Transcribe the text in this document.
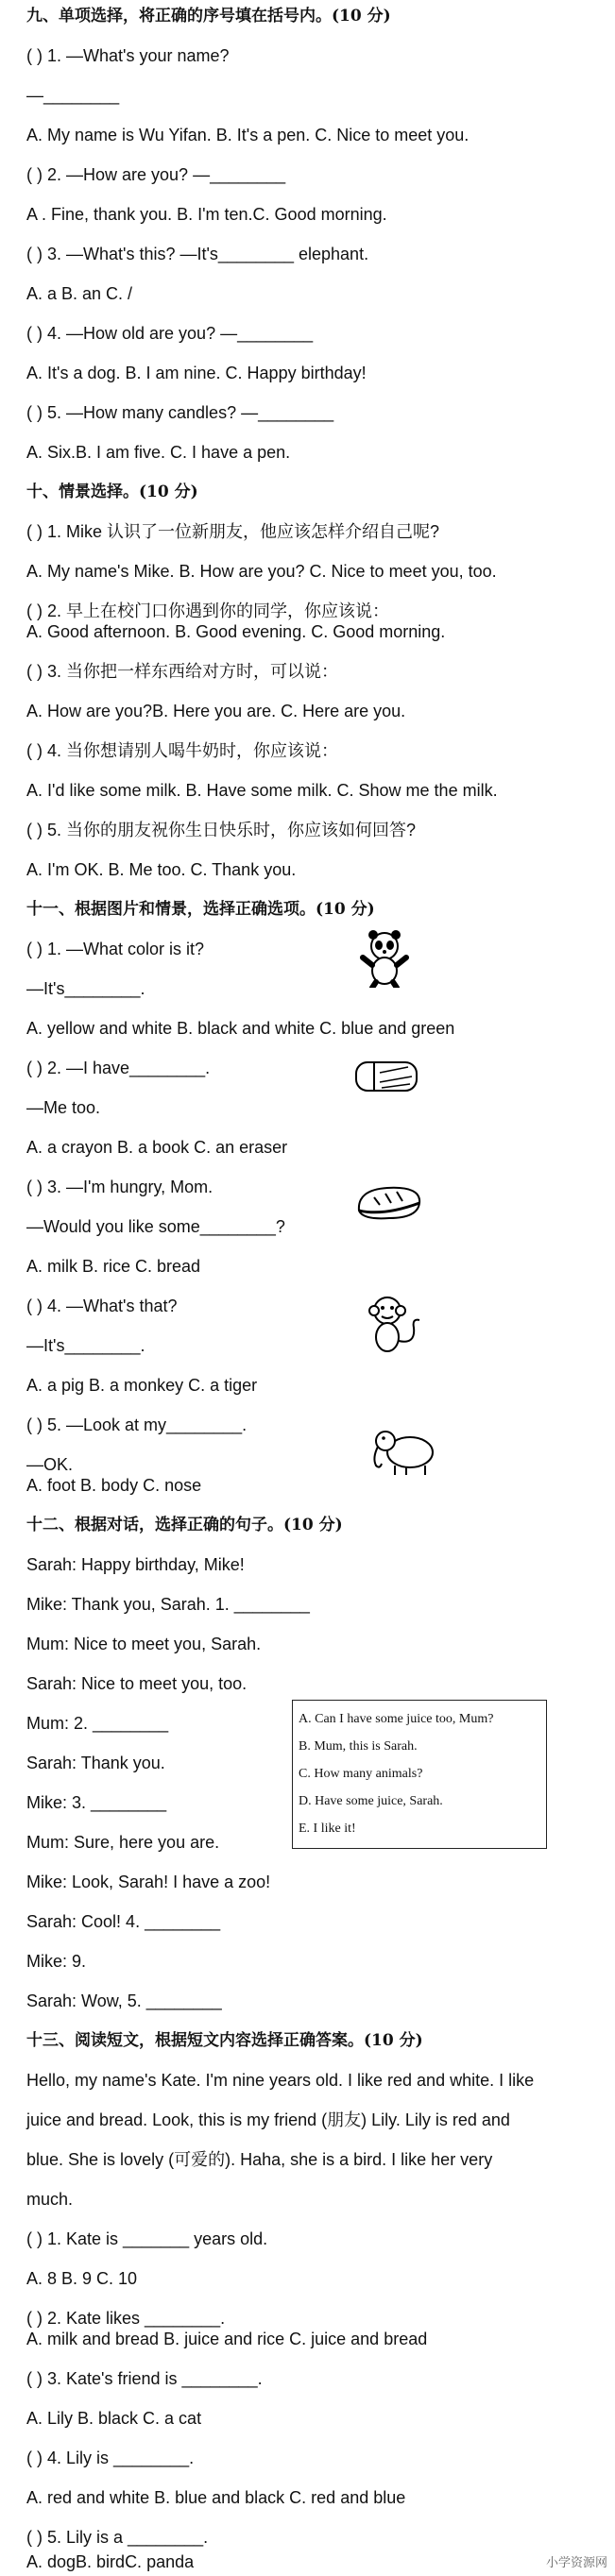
九、单项选择，将正确的序号填在括号内。(10 分)
( ) 1. —What's your name?
—________
A. My name is Wu Yifan. B. It's a pen. C. Nice to meet you.
( ) 2. —How are you? —________
A . Fine, thank you. B. I'm ten.C. Good morning.
( ) 3. —What's this? —It's________ elephant.
A. a B. an C. /
( ) 4. —How old are you? —________
A. It's a dog. B. I am nine. C. Happy birthday!
( ) 5. —How many candles? —________
A. Six.B. I am five. C. I have a pen.
十、情景选择。(10 分)
( ) 1. Mike 认识了一位新朋友，他应该怎样介绍自己呢?
A. My name's Mike. B. How are you? C. Nice to meet you, too.
( ) 2. 早上在校门口你遇到你的同学，你应该说：
A. Good afternoon. B. Good evening. C. Good morning.
( ) 3. 当你把一样东西给对方时，可以说：
A. How are you?B. Here you are. C. Here are you.
( ) 4. 当你想请别人喝牛奶时，你应该说：
A. I'd like some milk. B. Have some milk. C. Show me the milk.
( ) 5. 当你的朋友祝你生日快乐时，你应该如何回答?
A. I'm OK. B. Me too. C. Thank you.
十一、根据图片和情景，选择正确选项。(10 分)
( ) 1. —What color is it?
—It's________.
A. yellow and white B. black and white C. blue and green
( ) 2. —I have________.
—Me too.
A. a crayon B. a book C. an eraser
( ) 3. —I'm hungry, Mom.
—Would you like some________?
A. milk B. rice C. bread
( ) 4. —What's that?
—It's________.
A. a pig B. a monkey C. a tiger
( ) 5. —Look at my________.
—OK.
A. foot B. body C. nose
十二、根据对话，选择正确的句子。(10 分)
Sarah: Happy birthday, Mike!
Mike: Thank you, Sarah. 1. ________
Mum: Nice to meet you, Sarah.
Sarah: Nice to meet you, too.
Mum: 2. ________
Sarah: Thank you.
Mike: 3. ________
Mum: Sure, here you are.
Mike: Look, Sarah! I have a zoo!
Sarah: Cool! 4. ________
Mike: 9.
Sarah: Wow, 5. ________
A. Can I have some juice too, Mum?
B. Mum, this is Sarah.
C. How many animals?
D. Have some juice, Sarah.
E. I like it!
十三、阅读短文，根据短文内容选择正确答案。(10 分)
Hello, my name's Kate. I'm nine years old. I like red and white. I like
juice and bread. Look, this is my friend (朋友) Lily. Lily is red and
blue. She is lovely (可爱的). Haha, she is a bird. I like her very
much.
( ) 1. Kate is _______ years old.
A. 8 B. 9 C. 10
( ) 2. Kate likes ________.
A. milk and bread B. juice and rice C. juice and bread
( ) 3. Kate's friend is ________.
A. Lily B. black C. a cat
( ) 4. Lily is ________.
A. red and white B. blue and black C. red and blue
( ) 5. Lily is a ________.
A. dogB. birdC. panda	小学资源网
